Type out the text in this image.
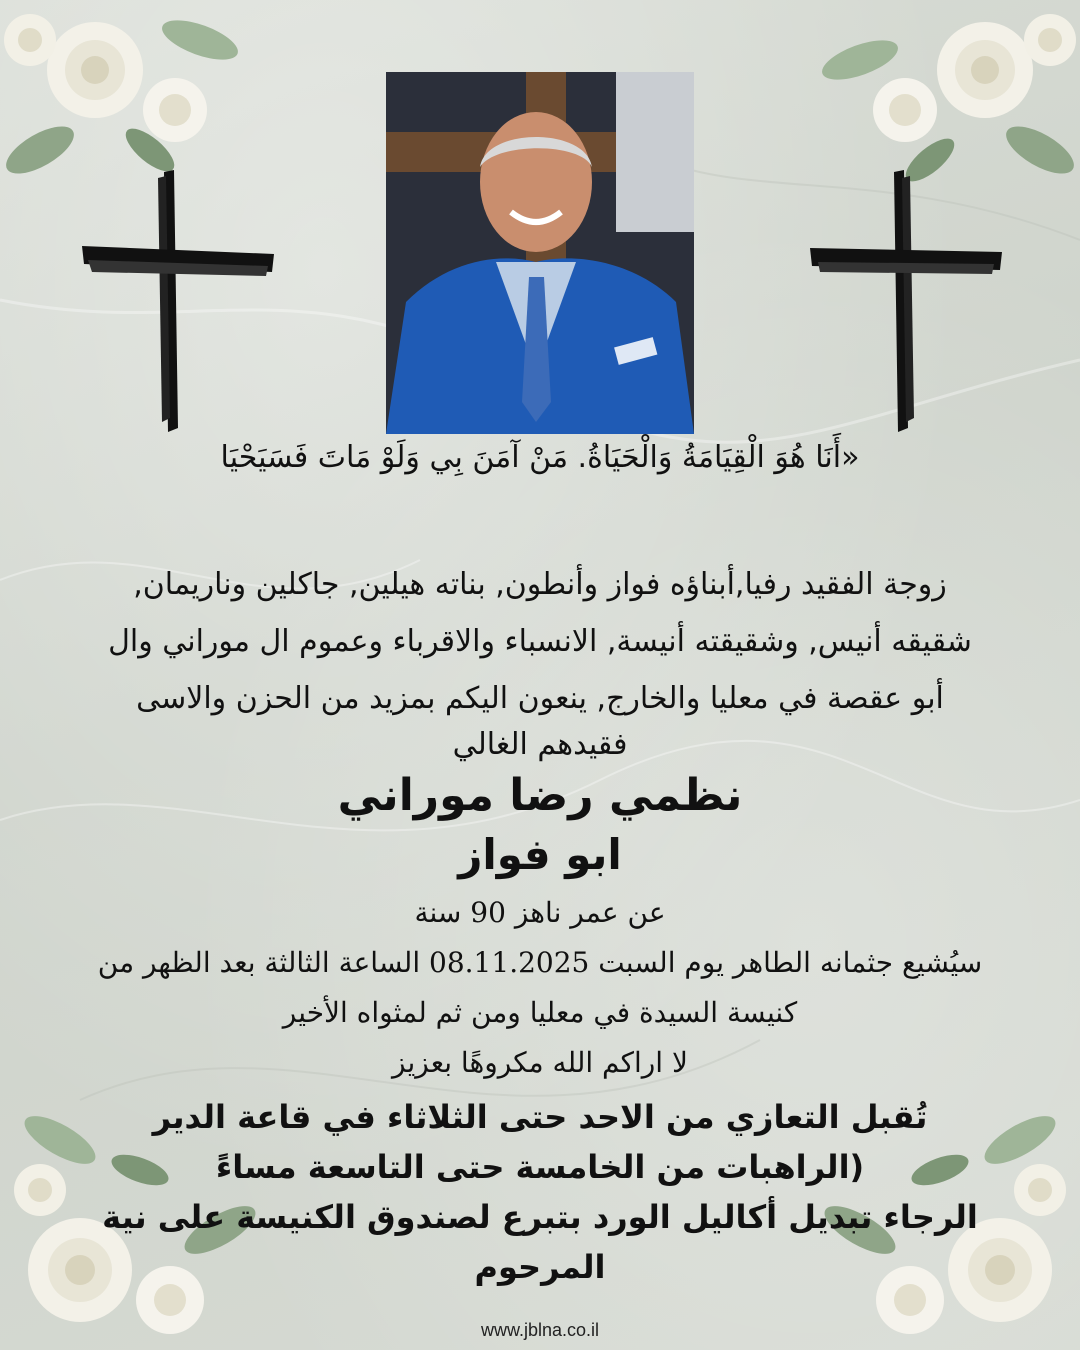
«أَنَا هُوَ الْقِيَامَةُ وَالْحَيَاةُ. مَنْ آمَنَ بِي وَلَوْ مَاتَ فَسَيَحْيَا
زوجة الفقيد رفيا,أبناؤه فواز وأنطون, بناته هيلين, جاكلين وناريمان,
شقيقه أنيس, وشقيقته أنيسة, الانسباء والاقرباء وعموم ال موراني وال
أبو عقصة في معليا والخارج, ينعون اليكم بمزيد من الحزن والاسى
فقيدهم الغالي
نظمي رضا موراني
ابو فواز
عن عمر ناهز 90 سنة
سيُشيع جثمانه الطاهر يوم السبت 08.11.2025 الساعة الثالثة بعد الظهر من
كنيسة السيدة في معليا ومن ثم لمثواه الأخير
لا اراكم الله مكروهًا بعزيز
تُقبل التعازي من الاحد حتى الثلاثاء في قاعة الدير
(الراهبات من الخامسة حتى التاسعة مساءً
الرجاء تبديل أكاليل الورد بتبرع لصندوق الكنيسة على نية
المرحوم
www.jblna.co.il
